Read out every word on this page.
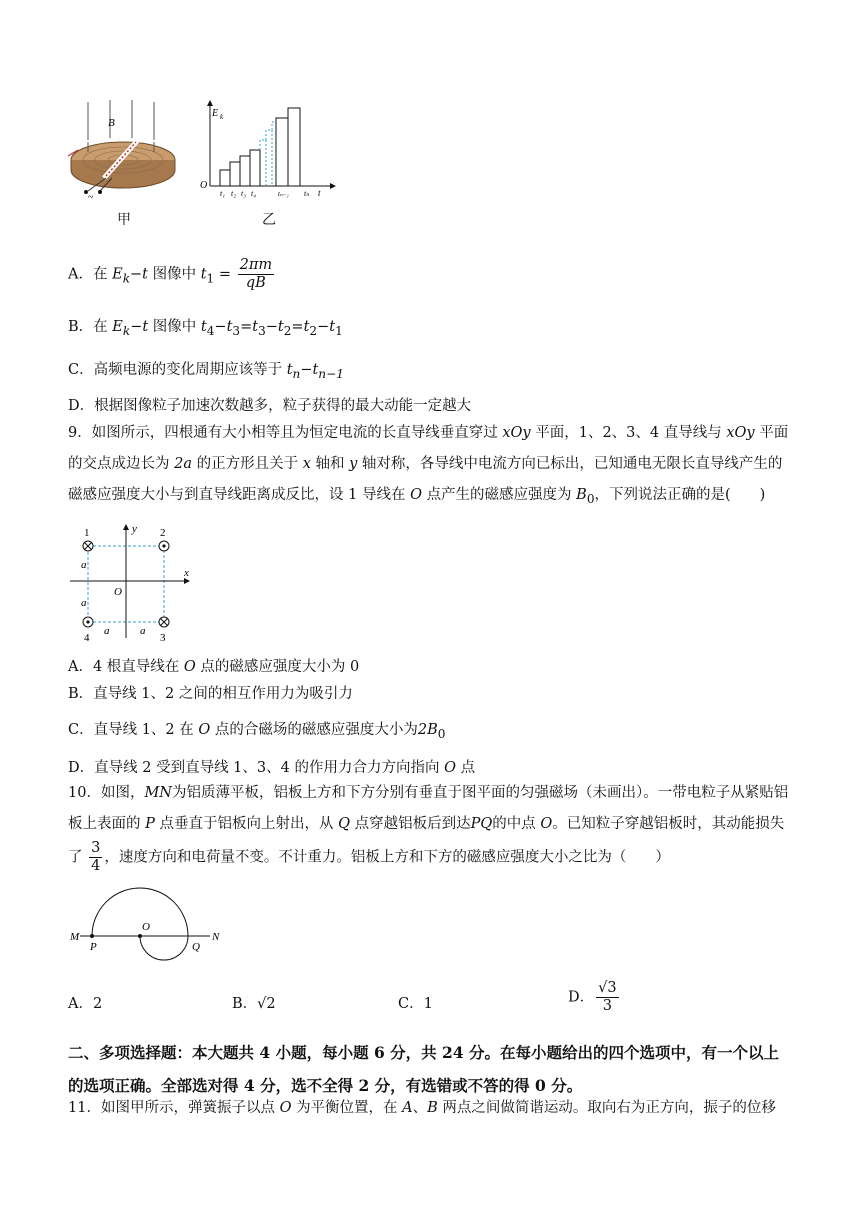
B
~
E k
O
t₁ t₂ t₃ t₄	tₙ₋₁ tₙ t
甲	乙
A．在 $E_k-t$ 图像中 $t_1 = \frac{2\pi m}{qB}$
B．在 $E_k-t$ 图像中 $t_4-t_3=t_3-t_2=t_2-t_1$
C．高频电源的变化周期应该等于 $t_n-t_{n-1}$
D．根据图像粒子加速次数越多，粒子获得的最大动能一定越大
9．如图所示，四根通有大小相等且为恒定电流的长直导线垂直穿过 xOy 平面，1、2、3、4 直导线与 xOy 平面的交点成边长为 2a 的正方形且关于 x 轴和 y 轴对称，各导线中电流方向已标出，已知通电无限长直导线产生的磁感应强度大小与到直导线距离成反比，设 1 导线在 O 点产生的磁感应强度为 $B_0$，下列说法正确的是(　　)
y
x
O
1	2
3
4
a
a
a	a
A．4 根直导线在 O 点的磁感应强度大小为 0
B．直导线 1、2 之间的相互作用力为吸引力
C．直导线 1、2 在 O 点的合磁场的磁感应强度大小为$2B_0$
D．直导线 2 受到直导线 1、3、4 的作用力合力方向指向 O 点
10．如图，MN为铝质薄平板，铝板上方和下方分别有垂直于图平面的匀强磁场（未画出）。一带电粒子从紧贴铝板上表面的 P 点垂直于铝板向上射出，从 Q 点穿越铝板后到达PQ的中点 O。已知粒子穿越铝板时，其动能损失了 $\frac{3}{4}$ ，速度方向和电荷量不变。不计重力。铝板上方和下方的磁感应强度大小之比为（　　）
M	N
P
O
Q
A．2	B．√2	C．1	D． $\frac{√3}{3}$
二、多项选择题：本大题共 4 小题，每小题 6 分，共 24 分。在每小题给出的四个选项中，有一个以上的选项正确。全部选对得 4 分，选不全得 2 分，有选错或不答的得 0 分。
11．如图甲所示，弹簧振子以点 O 为平衡位置，在 A、B 两点之间做简谐运动。取向右为正方向，振子的位移
